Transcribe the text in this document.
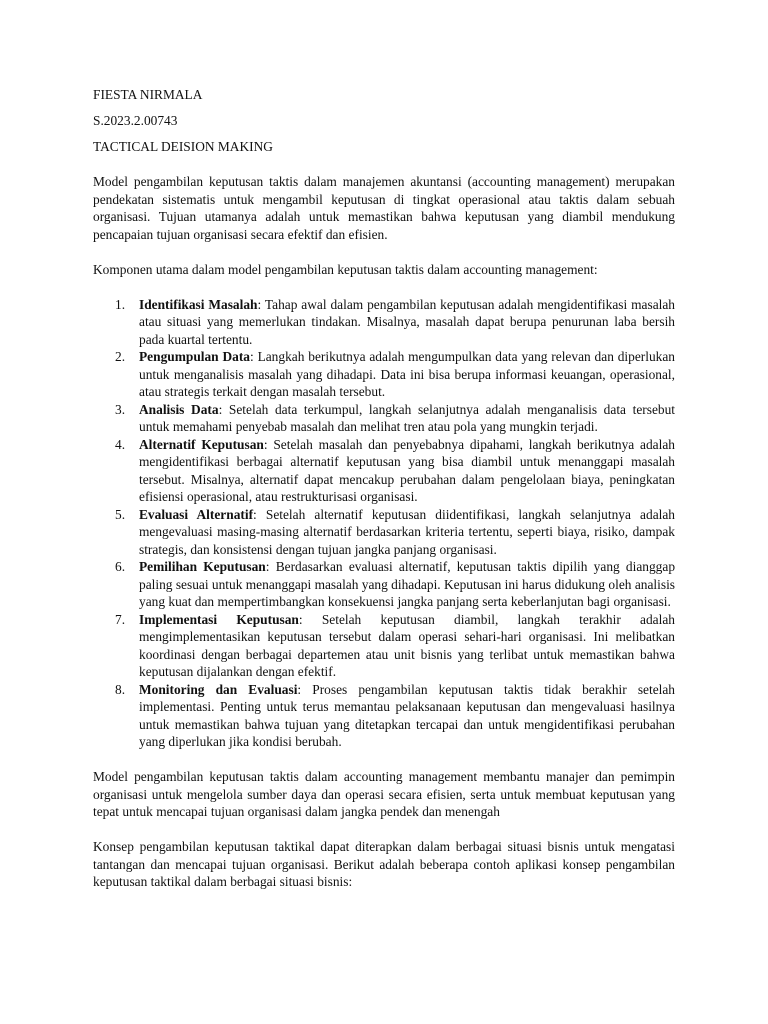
FIESTA NIRMALA

S.2023.2.00743

TACTICAL DEISION MAKING

Model pengambilan keputusan taktis dalam manajemen akuntansi (accounting management) merupakan pendekatan sistematis untuk mengambil keputusan di tingkat operasional atau taktis dalam sebuah organisasi. Tujuan utamanya adalah untuk memastikan bahwa keputusan yang diambil mendukung pencapaian tujuan organisasi secara efektif dan efisien.

Komponen utama dalam model pengambilan keputusan taktis dalam accounting management:

1.	Identifikasi Masalah: Tahap awal dalam pengambilan keputusan adalah mengidentifikasi masalah atau situasi yang memerlukan tindakan. Misalnya, masalah dapat berupa penurunan laba bersih pada kuartal tertentu.
2.	Pengumpulan Data: Langkah berikutnya adalah mengumpulkan data yang relevan dan diperlukan untuk menganalisis masalah yang dihadapi. Data ini bisa berupa informasi keuangan, operasional, atau strategis terkait dengan masalah tersebut.
3.	Analisis Data: Setelah data terkumpul, langkah selanjutnya adalah menganalisis data tersebut untuk memahami penyebab masalah dan melihat tren atau pola yang mungkin terjadi.
4.	Alternatif Keputusan: Setelah masalah dan penyebabnya dipahami, langkah berikutnya adalah mengidentifikasi berbagai alternatif keputusan yang bisa diambil untuk menanggapi masalah tersebut. Misalnya, alternatif dapat mencakup perubahan dalam pengelolaan biaya, peningkatan efisiensi operasional, atau restrukturisasi organisasi.
5.	Evaluasi Alternatif: Setelah alternatif keputusan diidentifikasi, langkah selanjutnya adalah mengevaluasi masing-masing alternatif berdasarkan kriteria tertentu, seperti biaya, risiko, dampak strategis, dan konsistensi dengan tujuan jangka panjang organisasi.
6.	Pemilihan Keputusan: Berdasarkan evaluasi alternatif, keputusan taktis dipilih yang dianggap paling sesuai untuk menanggapi masalah yang dihadapi. Keputusan ini harus didukung oleh analisis yang kuat dan mempertimbangkan konsekuensi jangka panjang serta keberlanjutan bagi organisasi.
7.	Implementasi Keputusan: Setelah keputusan diambil, langkah terakhir adalah mengimplementasikan keputusan tersebut dalam operasi sehari-hari organisasi. Ini melibatkan koordinasi dengan berbagai departemen atau unit bisnis yang terlibat untuk memastikan bahwa keputusan dijalankan dengan efektif.
8.	Monitoring dan Evaluasi: Proses pengambilan keputusan taktis tidak berakhir setelah implementasi. Penting untuk terus memantau pelaksanaan keputusan dan mengevaluasi hasilnya untuk memastikan bahwa tujuan yang ditetapkan tercapai dan untuk mengidentifikasi perubahan yang diperlukan jika kondisi berubah.

Model pengambilan keputusan taktis dalam accounting management membantu manajer dan pemimpin organisasi untuk mengelola sumber daya dan operasi secara efisien, serta untuk membuat keputusan yang tepat untuk mencapai tujuan organisasi dalam jangka pendek dan menengah

Konsep pengambilan keputusan taktikal dapat diterapkan dalam berbagai situasi bisnis untuk mengatasi tantangan dan mencapai tujuan organisasi. Berikut adalah beberapa contoh aplikasi konsep pengambilan keputusan taktikal dalam berbagai situasi bisnis:
